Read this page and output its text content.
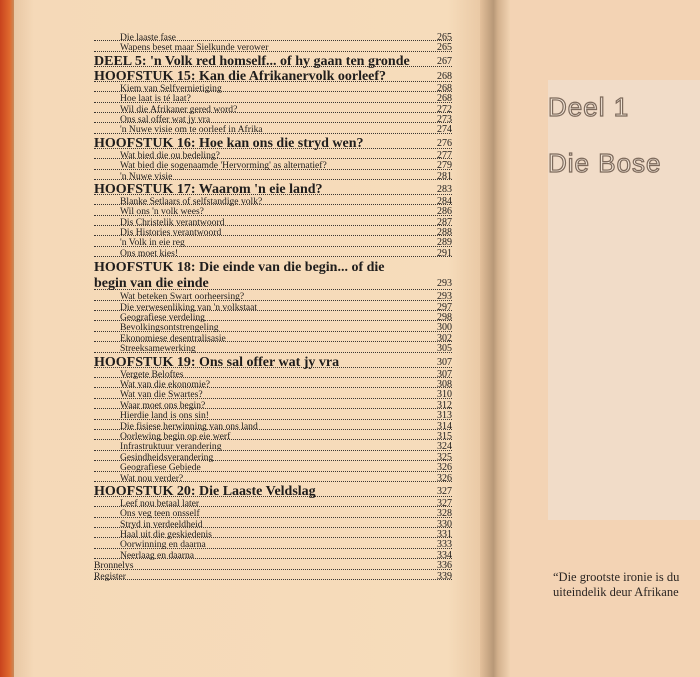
Deel 1
Die Bose
“Die grootste ironie is du
uiteindelik deur Afrikane
Die laaste fase	265
Wapens beset maar Sielkunde verower	265
DEEL 5: 'n Volk red homself... of hy gaan ten gronde	267
HOOFSTUK 15: Kan die Afrikanervolk oorleef?	268
Kiem van Selfvernietiging	268
Hoe laat is té laat?	268
Wil die Afrikaner gered word?	272
Ons sal offer wat jy vra	273
'n Nuwe visie om te oorleef in Afrika	274
HOOFSTUK 16: Hoe kan ons die stryd wen?	276
Wat bied die ou bedeling?	277
Wat bied die sogenaamde 'Hervorming' as alternatief?	279
'n Nuwe visie	281
HOOFSTUK 17: Waarom 'n eie land?	283
Blanke Setlaars of selfstandige volk?	284
Wil ons 'n volk wees?	286
Dis Christelik verantwoord	287
Dis Histories verantwoord	288
'n Volk in eie reg	289
Ons moet kies!	291
HOOFSTUK 18: Die einde van die begin... of die
begin van die einde	293
Wat beteken Swart oorheersing?	293
Die verwesenliking van 'n volkstaat	297
Geografiese verdeling	298
Bevolkingsontstrengeling	300
Ekonomiese desentralisasie	302
Streeksamewerking	305
HOOFSTUK 19: Ons sal offer wat jy vra	307
Vergete Beloftes	307
Wat van die ekonomie?	308
Wat van die Swartes?	310
Waar moet ons begin?	312
Hierdie land is ons sin!	313
Die fisiese herwinning van ons land	314
Oorlewing begin op eie werf	315
Infrastruktuur verandering	324
Gesindheidsverandering	325
Geografiese Gebiede	326
Wat nou verder?	326
HOOFSTUK 20: Die Laaste Veldslag	327
Leef nou betaal later	327
Ons veg teen onsself	328
Stryd in verdeeldheid	330
Haal uit die geskiedenis	331
Oorwinning en daarna	333
Neerlaag en daarna	334
Bronnelys	336
Register	339
